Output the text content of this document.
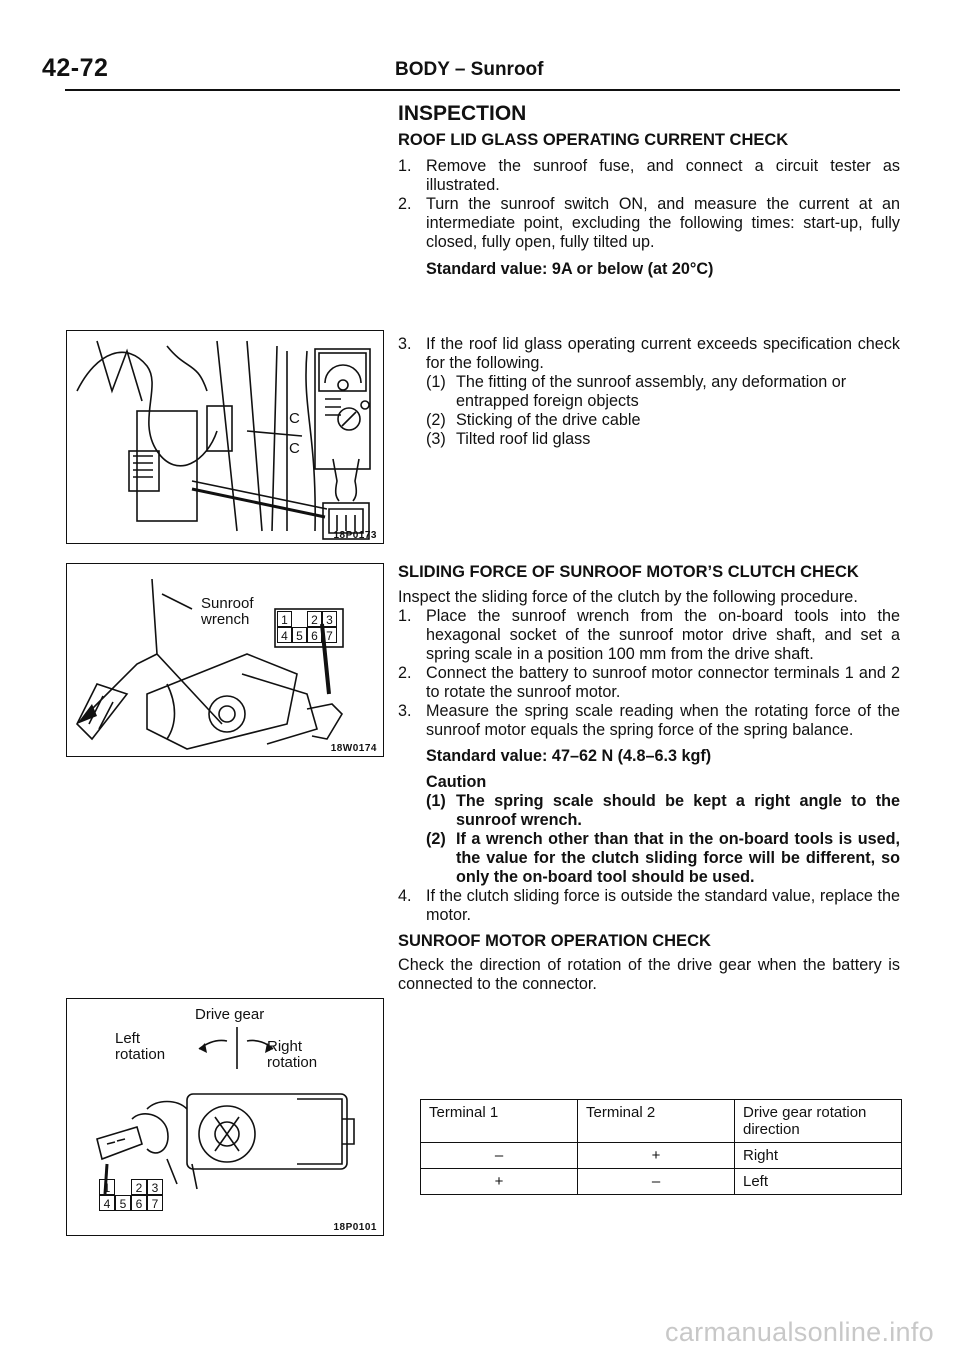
42-72	BODY – Sunroof

INSPECTION

ROOF LID GLASS OPERATING CURRENT CHECK

1. Remove the sunroof fuse, and connect a circuit tester as illustrated.
2. Turn the sunroof switch ON, and measure the current at an intermediate point, excluding the following times: start-up, fully closed, fully open, fully tilted up.

Standard value: 9A or below (at 20°C)

3. If the roof lid glass operating current exceeds specification check for the following.
(1) The fitting of the sunroof assembly, any deformation or entrapped foreign objects
(2) Sticking of the drive cable
(3) Tilted roof lid glass

SLIDING FORCE OF SUNROOF MOTOR’S CLUTCH CHECK

Inspect the sliding force of the clutch by the following procedure.

1. Place the sunroof wrench from the on-board tools into the hexagonal socket of the sunroof motor drive shaft, and set a spring scale in a position 100 mm from the drive shaft.
2. Connect the battery to sunroof motor connector terminals 1 and 2 to rotate the sunroof motor.
3. Measure the spring scale reading when the rotating force of the sunroof motor equals the spring force of the spring balance.

Standard value: 47–62 N (4.8–6.3 kgf)

Caution

(1) The spring scale should be kept a right angle to the sunroof wrench.
(2) If a wrench other than that in the on-board tools is used, the value for the clutch sliding force will be different, so only the on-board tool should be used.
4. If the clutch sliding force is outside the standard value, replace the motor.

SUNROOF MOTOR OPERATION CHECK

Check the direction of rotation of the drive gear when the battery is connected to the connector.

Terminal 1	Terminal 2	Drive gear rotation direction
–	+	Right
+	–	Left
C
C
18P0173
Sunroof wrench	1	2 3
4 5 6 7
18W0174
Drive gear
Left rotation	Right rotation
1	2 3
4 5 6 7
18P0101
carmanualsonline.info
